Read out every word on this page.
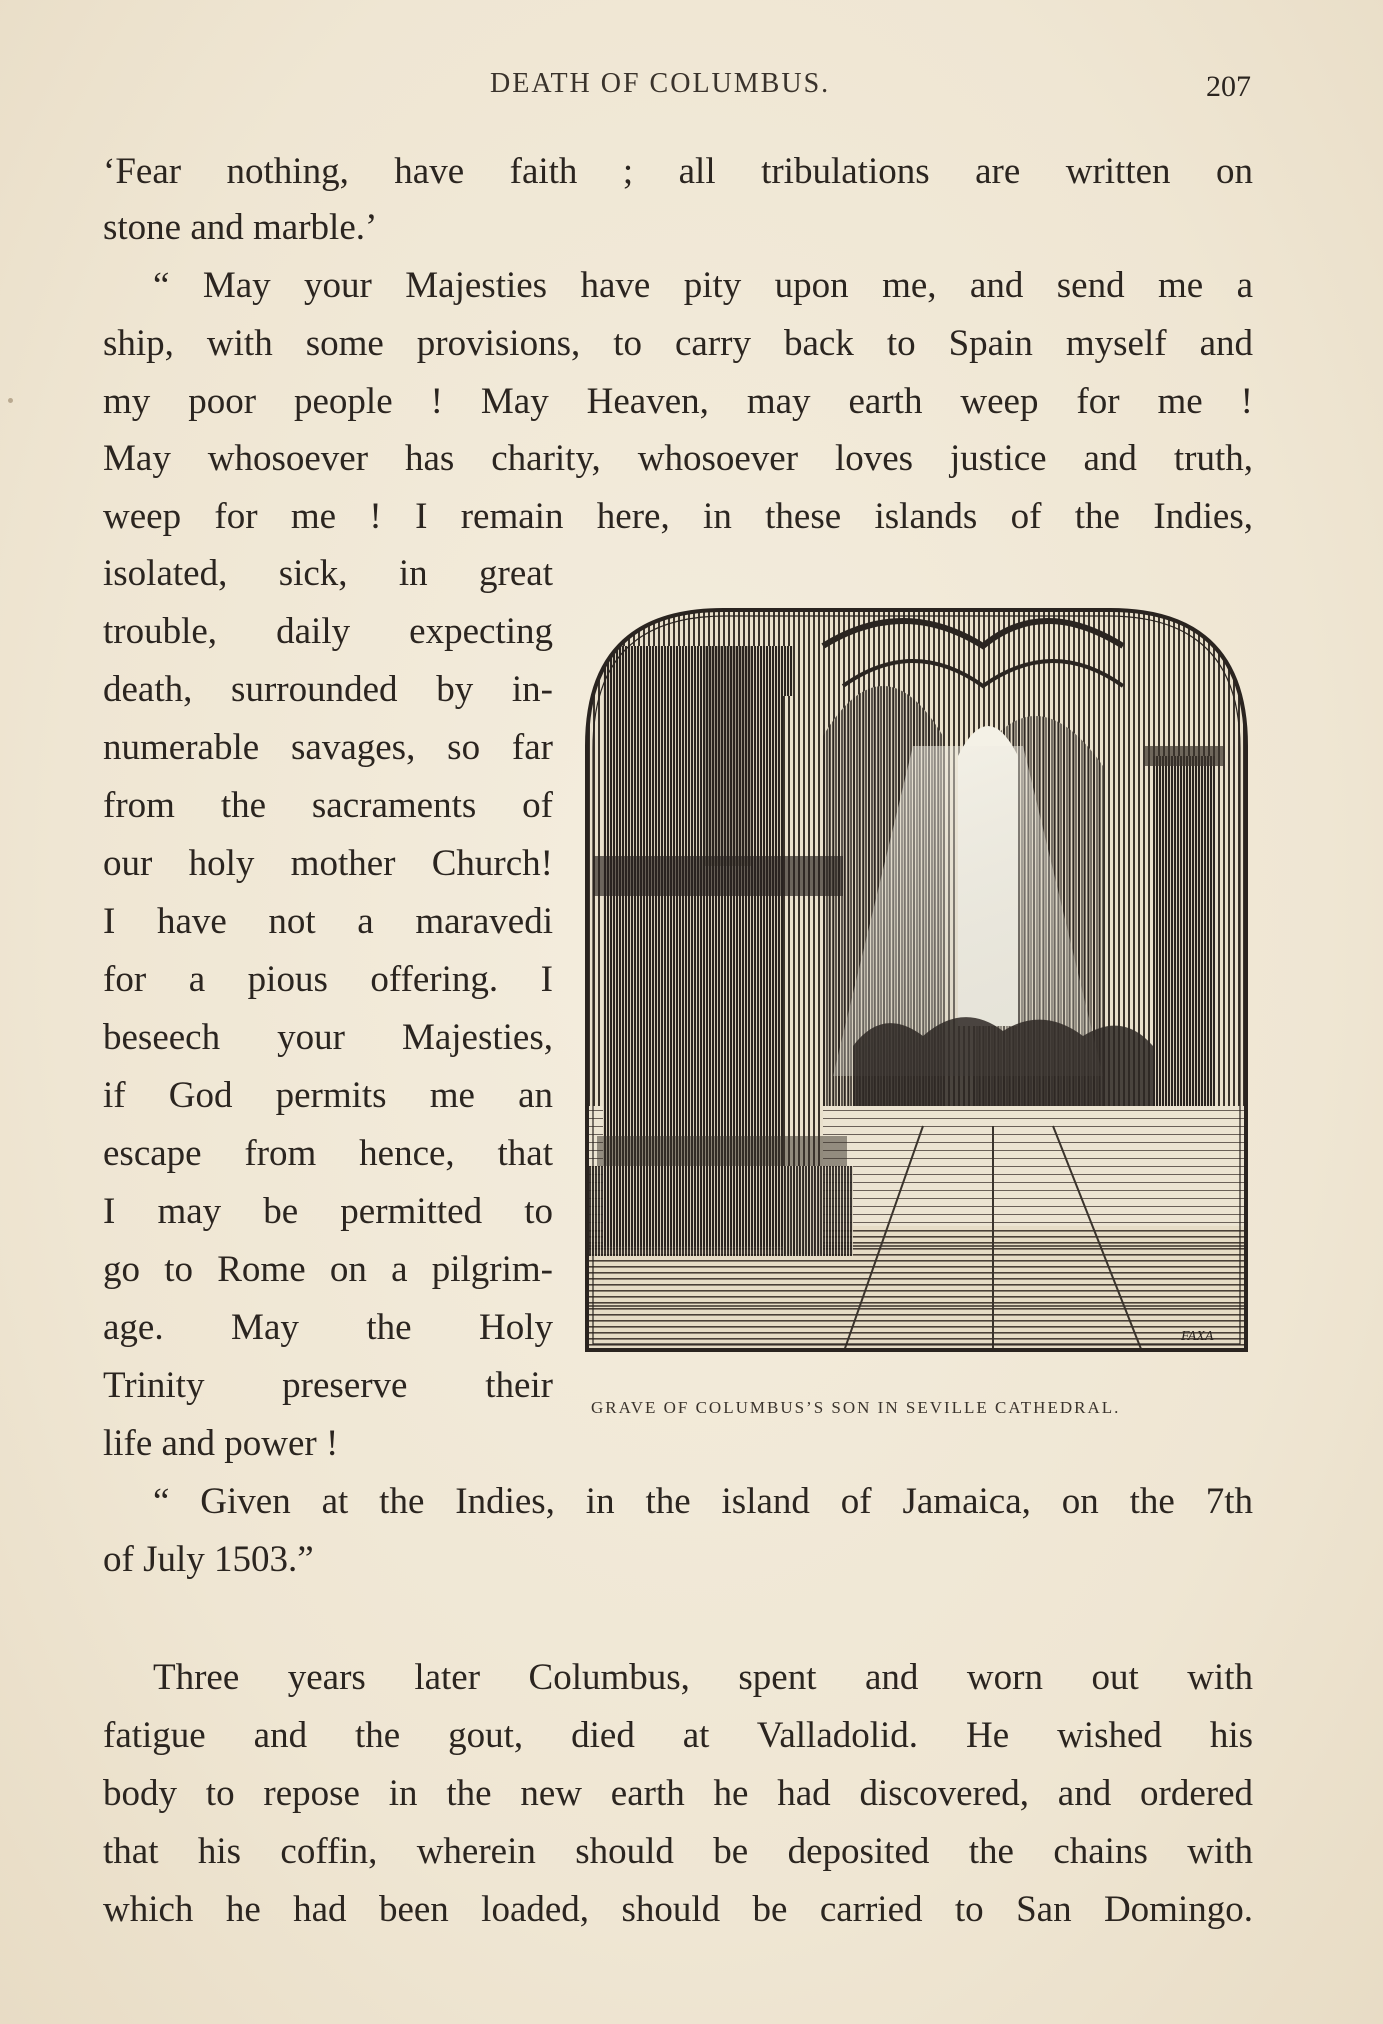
DEATH OF COLUMBUS.	207
‘Fear nothing, have faith ; all tribulations are written on
stone and marble.’
“ May your Majesties have pity upon me, and send me a
ship, with some provisions, to carry back to Spain myself and
my poor people ! May Heaven, may earth weep for me !
May whosoever has charity, whosoever loves justice and truth,
weep for me ! I remain here, in these islands of the Indies,
isolated, sick, in great
trouble, daily expecting
death, surrounded by in-
numerable savages, so far
from the sacraments of
our holy mother Church!
I have not a maravedi
for a pious offering. I
beseech your Majesties,
if God permits me an
escape from hence, that
I may be permitted to
go to Rome on a pilgrim-
age. May the Holy
Trinity preserve their
life and power !
“ Given at the Indies, in the island of Jamaica, on the 7th
of July 1503.”
Three years later Columbus, spent and worn out with
fatigue and the gout, died at Valladolid. He wished his
body to repose in the new earth he had discovered, and ordered
that his coffin, wherein should be deposited the chains with
which he had been loaded, should be carried to San Domingo.
FAXA
GRAVE OF COLUMBUS’S SON IN SEVILLE CATHEDRAL.
